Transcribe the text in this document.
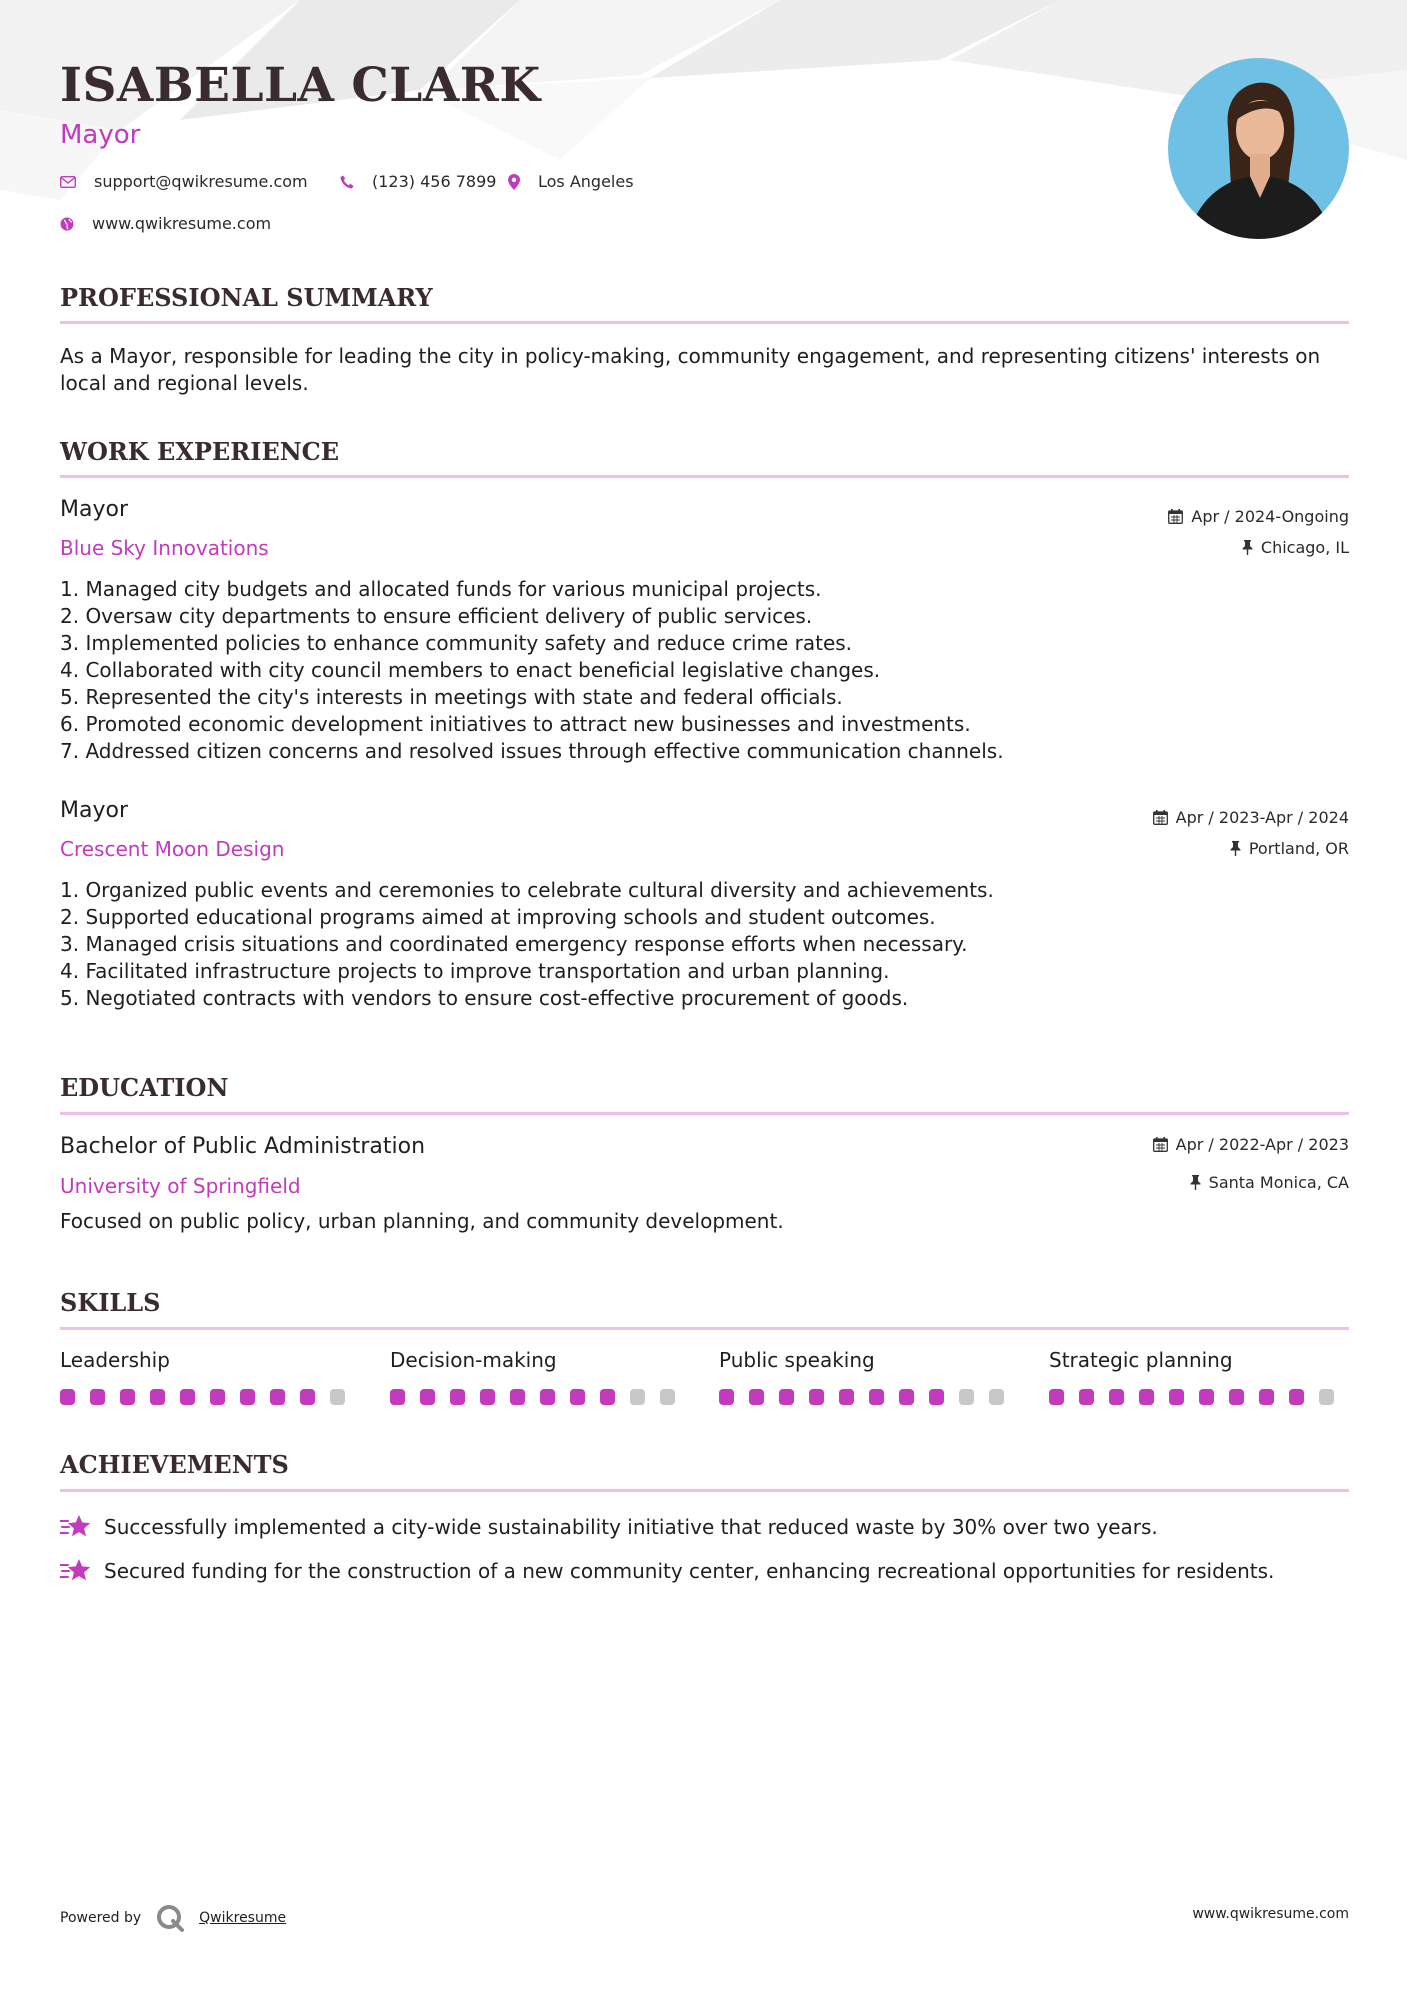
ISABELLA CLARK
Mayor
support@qwikresume.com	(123) 456 7899	Los Angeles
www.qwikresume.com
PROFESSIONAL SUMMARY
As a Mayor, responsible for leading the city in policy-making, community engagement, and representing citizens' interests on local and regional levels.
WORK EXPERIENCE
Mayor
Blue Sky Innovations
Apr / 2024-Ongoing
Chicago, IL
1. Managed city budgets and allocated funds for various municipal projects.
2. Oversaw city departments to ensure efficient delivery of public services.
3. Implemented policies to enhance community safety and reduce crime rates.
4. Collaborated with city council members to enact beneficial legislative changes.
5. Represented the city's interests in meetings with state and federal officials.
6. Promoted economic development initiatives to attract new businesses and investments.
7. Addressed citizen concerns and resolved issues through effective communication channels.
Mayor
Crescent Moon Design
Apr / 2023-Apr / 2024
Portland, OR
1. Organized public events and ceremonies to celebrate cultural diversity and achievements.
2. Supported educational programs aimed at improving schools and student outcomes.
3. Managed crisis situations and coordinated emergency response efforts when necessary.
4. Facilitated infrastructure projects to improve transportation and urban planning.
5. Negotiated contracts with vendors to ensure cost-effective procurement of goods.
EDUCATION
Bachelor of Public Administration
University of Springfield
Apr / 2022-Apr / 2023
Santa Monica, CA
Focused on public policy, urban planning, and community development.
SKILLS
Leadership	Decision-making	Public speaking	Strategic planning
ACHIEVEMENTS
Successfully implemented a city-wide sustainability initiative that reduced waste by 30% over two years.
Secured funding for the construction of a new community center, enhancing recreational opportunities for residents.
Powered by	Qwikresume	www.qwikresume.com
